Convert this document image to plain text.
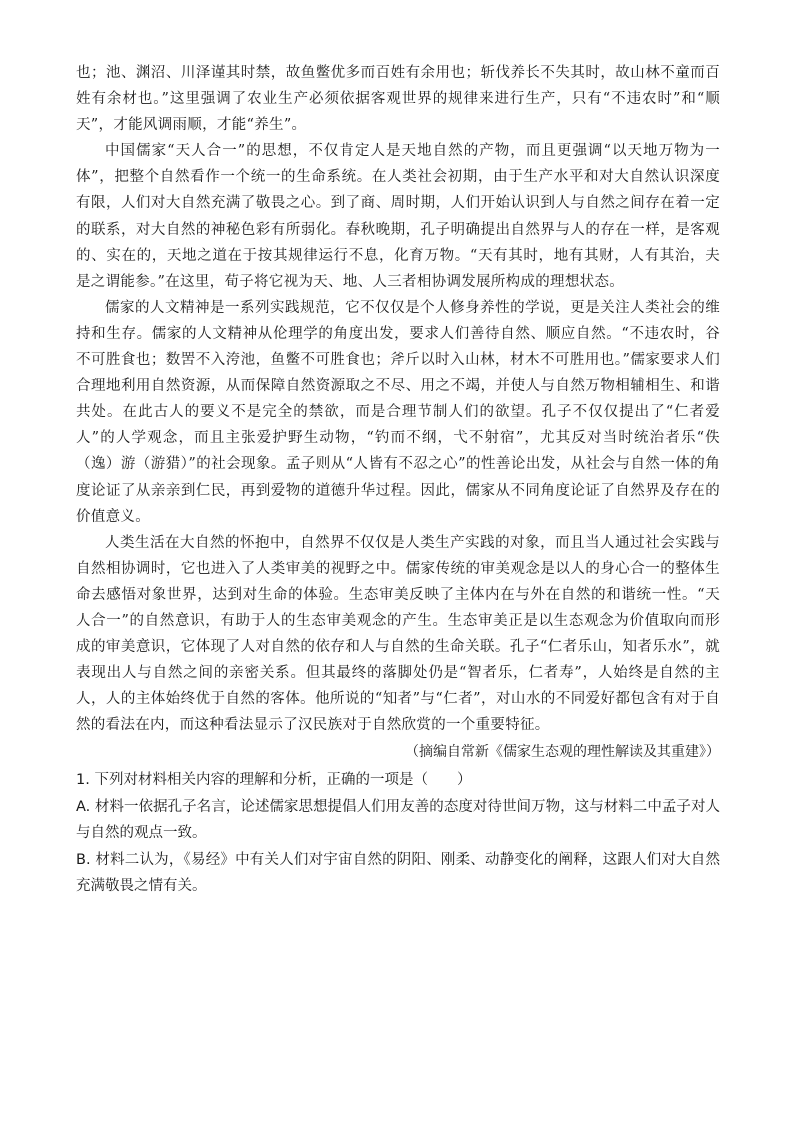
也；池、渊沼、川泽谨其时禁，故鱼鳖优多而百姓有余用也；斩伐养长不失其时，故山林不童而百姓有余材也。”这里强调了农业生产必须依据客观世界的规律来进行生产，只有“不违农时”和“顺天”，才能风调雨顺，才能“养生”。

中国儒家“天人合一”的思想，不仅肯定人是天地自然的产物，而且更强调“以天地万物为一体”，把整个自然看作一个统一的生命系统。在人类社会初期，由于生产水平和对大自然认识深度有限，人们对大自然充满了敬畏之心。到了商、周时期，人们开始认识到人与自然之间存在着一定的联系，对大自然的神秘色彩有所弱化。春秋晚期，孔子明确提出自然界与人的存在一样，是客观的、实在的，天地之道在于按其规律运行不息，化育万物。“天有其时，地有其财，人有其治，夫是之谓能参。”在这里，荀子将它视为天、地、人三者相协调发展所构成的理想状态。

儒家的人文精神是一系列实践规范，它不仅仅是个人修身养性的学说，更是关注人类社会的维持和生存。儒家的人文精神从伦理学的角度出发，要求人们善待自然、顺应自然。“不违农时，谷不可胜食也；数罟不入洿池，鱼鳖不可胜食也；斧斤以时入山林，材木不可胜用也。”儒家要求人们合理地利用自然资源，从而保障自然资源取之不尽、用之不竭，并使人与自然万物相辅相生、和谐共处。在此古人的要义不是完全的禁欲，而是合理节制人们的欲望。孔子不仅仅提出了“仁者爱人”的人学观念，而且主张爱护野生动物，“钓而不纲，弋不射宿”，尤其反对当时统治者乐“佚（逸）游（游猎）”的社会现象。孟子则从“人皆有不忍之心”的性善论出发，从社会与自然一体的角度论证了从亲亲到仁民，再到爱物的道德升华过程。因此，儒家从不同角度论证了自然界及存在的价值意义。

人类生活在大自然的怀抱中，自然界不仅仅是人类生产实践的对象，而且当人通过社会实践与自然相协调时，它也进入了人类审美的视野之中。儒家传统的审美观念是以人的身心合一的整体生命去感悟对象世界，达到对生命的体验。生态审美反映了主体内在与外在自然的和谐统一性。“天人合一”的自然意识，有助于人的生态审美观念的产生。生态审美正是以生态观念为价值取向而形成的审美意识，它体现了人对自然的依存和人与自然的生命关联。孔子“仁者乐山，知者乐水”，就表现出人与自然之间的亲密关系。但其最终的落脚处仍是“智者乐，仁者寿”，人始终是自然的主人，人的主体始终优于自然的客体。他所说的“知者”与“仁者”，对山水的不同爱好都包含有对于自然的看法在内，而这种看法显示了汉民族对于自然欣赏的一个重要特征。

（摘编自常新《儒家生态观的理性解读及其重建》）

1. 下列对材料相关内容的理解和分析，正确的一项是（　　）

A. 材料一依据孔子名言，论述儒家思想提倡人们用友善的态度对待世间万物，这与材料二中孟子对人与自然的观点一致。

B. 材料二认为，《易经》中有关人们对宇宙自然的阴阳、刚柔、动静变化的阐释，这跟人们对大自然充满敬畏之情有关。
